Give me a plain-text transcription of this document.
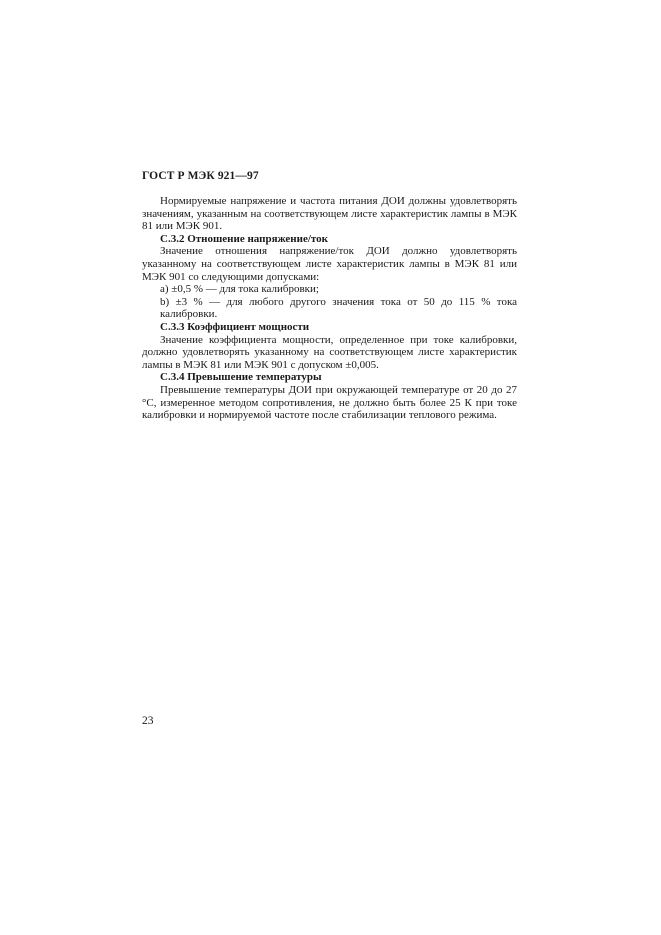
ГОСТ Р МЭК 921—97

Нормируемые напряжение и частота питания ДОИ должны удовлетворять значениям, указанным на соответствующем листе характеристик лампы в МЭК 81 или МЭК 901.

С.3.2 Отношение напряжение/ток

Значение отношения напряжение/ток ДОИ должно удовлетворять указанному на соответствующем листе характеристик лампы в МЭК 81 или МЭК 901 со следующими допусками:

а) ±0,5 % — для тока калибровки;

b) ±3 % — для любого другого значения тока от 50 до 115 % тока калибровки.

С.3.3 Коэффициент мощности

Значение коэффициента мощности, определенное при токе калибровки, должно удовлетворять указанному на соответствующем листе характеристик лампы в МЭК 81 или МЭК 901 с допуском ±0,005.

С.3.4 Превышение температуры

Превышение температуры ДОИ при окружающей температуре от 20 до 27 °С, измеренное методом сопротивления, не должно быть более 25 К при токе калибровки и нормируемой частоте после стабилизации теплового режима.

23
